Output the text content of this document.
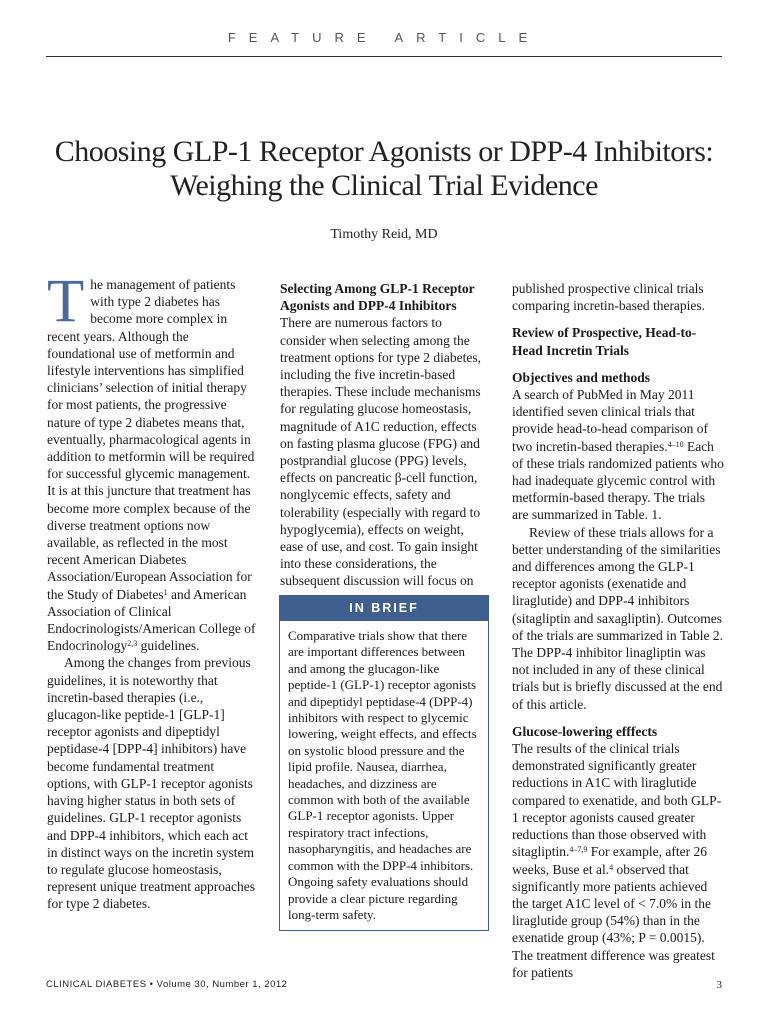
FEATURE ARTICLE
Choosing GLP-1 Receptor Agonists or DPP-4 Inhibitors:
Weighing the Clinical Trial Evidence
Timothy Reid, MD

The management of patients with type 2 diabetes has become more complex in recent years. Although the foundational use of metformin and lifestyle interventions has simplified clinicians’ selection of initial therapy for most patients, the progressive nature of type 2 diabetes means that, eventually, pharmacological agents in addition to metformin will be required for successful glycemic management. It is at this juncture that treatment has become more complex because of the diverse treatment options now available, as reflected in the most recent American Diabetes Association/European Association for the Study of Diabetes$^1$ and American Association of Clinical Endocrinologists/American College of Endocrinology$^{2,3}$ guidelines.

Among the changes from previous guidelines, it is noteworthy that incretin-based therapies (i.e., glucagon-like peptide-1 [GLP-1] receptor agonists and dipeptidyl peptidase-4 [DPP-4] inhibitors) have become fundamental treatment options, with GLP-1 receptor agonists having higher status in both sets of guidelines. GLP-1 receptor agonists and DPP-4 inhibitors, which each act in distinct ways on the incretin system to regulate glucose homeostasis, represent unique treatment approaches for type 2 diabetes.

Selecting Among GLP-1 Receptor Agonists and DPP-4 Inhibitors

There are numerous factors to consider when selecting among the treatment options for type 2 diabetes, including the five incretin-based therapies. These include mechanisms for regulating glucose homeostasis, magnitude of A1C reduction, effects on fasting plasma glucose (FPG) and postprandial glucose (PPG) levels, effects on pancreatic β-cell function, nonglycemic effects, safety and tolerability (especially with regard to hypoglycemia), effects on weight, ease of use, and cost. To gain insight into these considerations, the subsequent discussion will focus on

IN BRIEF
Comparative trials show that there are important differences between and among the glucagon-like peptide-1 (GLP-1) receptor agonists and dipeptidyl peptidase-4 (DPP-4) inhibitors with respect to glycemic lowering, weight effects, and effects on systolic blood pressure and the lipid profile. Nausea, diarrhea, headaches, and dizziness are common with both of the available GLP-1 receptor agonists. Upper respiratory tract infections, nasopharyngitis, and headaches are common with the DPP-4 inhibitors. Ongoing safety evaluations should provide a clear picture regarding long-term safety.

published prospective clinical trials comparing incretin-based therapies.

Review of Prospective, Head-to-Head Incretin Trials

Objectives and methods

A search of PubMed in May 2011 identified seven clinical trials that provide head-to-head comparison of two incretin-based therapies.$^{4-10}$ Each of these trials randomized patients who had inadequate glycemic control with metformin-based therapy. The trials are summarized in Table. 1.

Review of these trials allows for a better understanding of the similarities and differences among the GLP-1 receptor agonists (exenatide and liraglutide) and DPP-4 inhibitors (sitagliptin and saxagliptin). Outcomes of the trials are summarized in Table 2. The DPP-4 inhibitor linagliptin was not included in any of these clinical trials but is briefly discussed at the end of this article.

Glucose-lowering efffects

The results of the clinical trials demonstrated significantly greater reductions in A1C with liraglutide compared to exenatide, and both GLP-1 receptor agonists caused greater reductions than those observed with sitagliptin.$^{4-7,9}$ For example, after 26 weeks, Buse et al.$^4$ observed that significantly more patients achieved the target A1C level of < 7.0% in the liraglutide group (54%) than in the exenatide group (43%; P = 0.0015). The treatment difference was greatest for patients

CLINICAL DIABETES • Volume 30, Number 1, 2012	3
